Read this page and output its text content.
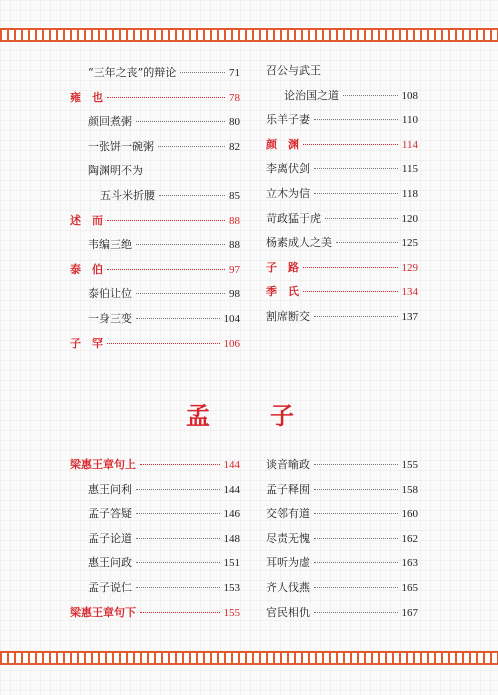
“三年之丧”的辩论	71
雍　也	78
颜回煮粥	80
一张饼一碗粥	82
陶渊明不为
五斗米折腰	85
述　而	88
韦编三绝	88
泰　伯	97
泰伯让位	98
一身三变	104
子　罕	106
召公与武王
论治国之道	108
乐羊子妻	110
颜　渊	114
李离伏剑	115
立木为信	118
苛政猛于虎	120
杨素成人之美	125
子　路	129
季　氏	134
割席断交	137
孟　子
梁惠王章句上	144
惠王问利	144
孟子答疑	146
孟子论道	148
惠王问政	151
孟子说仁	153
梁惠王章句下	155
谈音喻政	155
孟子释囿	158
交邻有道	160
尽责无愧	162
耳听为虚	163
齐人伐燕	165
官民相仇	167
